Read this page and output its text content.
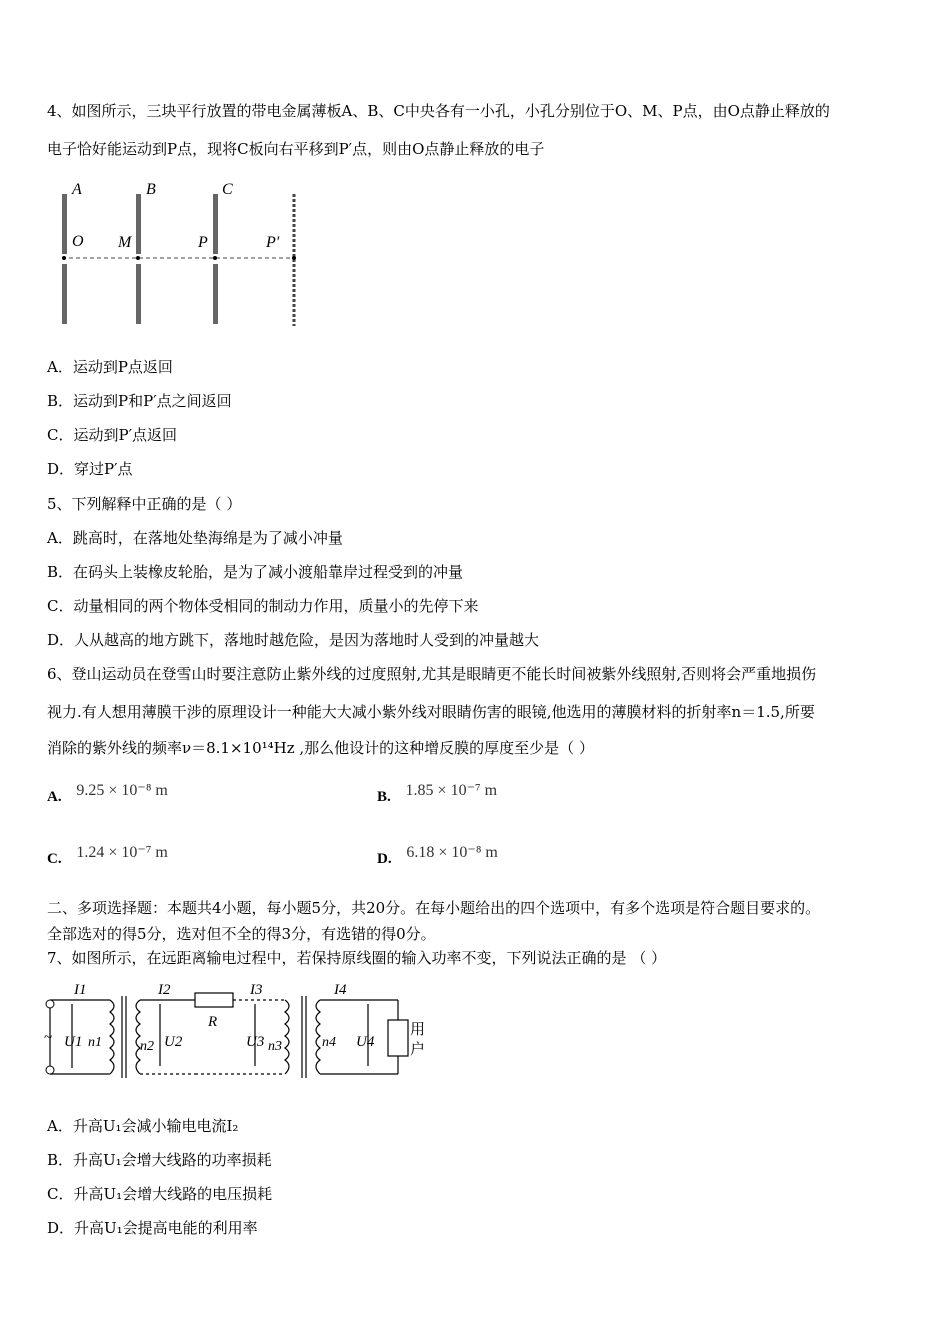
4、如图所示，三块平行放置的带电金属薄板A、B、C中央各有一小孔，小孔分别位于O、M、P点，由O点静止释放的
电子恰好能运动到P点，现将C板向右平移到P′点，则由O点静止释放的电子
A	B	C
O M	P	P′
A．运动到P点返回
B．运动到P和P′点之间返回
C．运动到P′点返回
D．穿过P′点
5、下列解释中正确的是（ ）
A．跳高时，在落地处垫海绵是为了减小冲量
B．在码头上装橡皮轮胎，是为了减小渡船靠岸过程受到的冲量
C．动量相同的两个物体受相同的制动力作用，质量小的先停下来
D．人从越高的地方跳下，落地时越危险，是因为落地时人受到的冲量越大
6、登山运动员在登雪山时要注意防止紫外线的过度照射,尤其是眼睛更不能长时间被紫外线照射,否则将会严重地损伤
视力.有人想用薄膜干涉的原理设计一种能大大减小紫外线对眼睛伤害的眼镜,他选用的薄膜材料的折射率n＝1.5,所要
消除的紫外线的频率ν＝8.1×10¹⁴Hz ,那么他设计的这种增反膜的厚度至少是（ ）
A. 9.25 × 10⁻⁸ m	B. 1.85 × 10⁻⁷ m
C. 1.24 × 10⁻⁷ m	D. 6.18 × 10⁻⁸ m
二、多项选择题：本题共4小题，每小题5分，共20分。在每小题给出的四个选项中，有多个选项是符合题目要求的。
全部选对的得5分，选对但不全的得3分，有选错的得0分。
7、如图所示，在远距离输电过程中，若保持原线圈的输入功率不变，下列说法正确的是 （ ）
I1	I2	I3	I4
U1 n1	n2 U2
R
U3 n3	n4 U4
用
户
~
A．升高U₁会减小输电电流I₂
B．升高U₁会增大线路的功率损耗
C．升高U₁会增大线路的电压损耗
D．升高U₁会提高电能的利用率
